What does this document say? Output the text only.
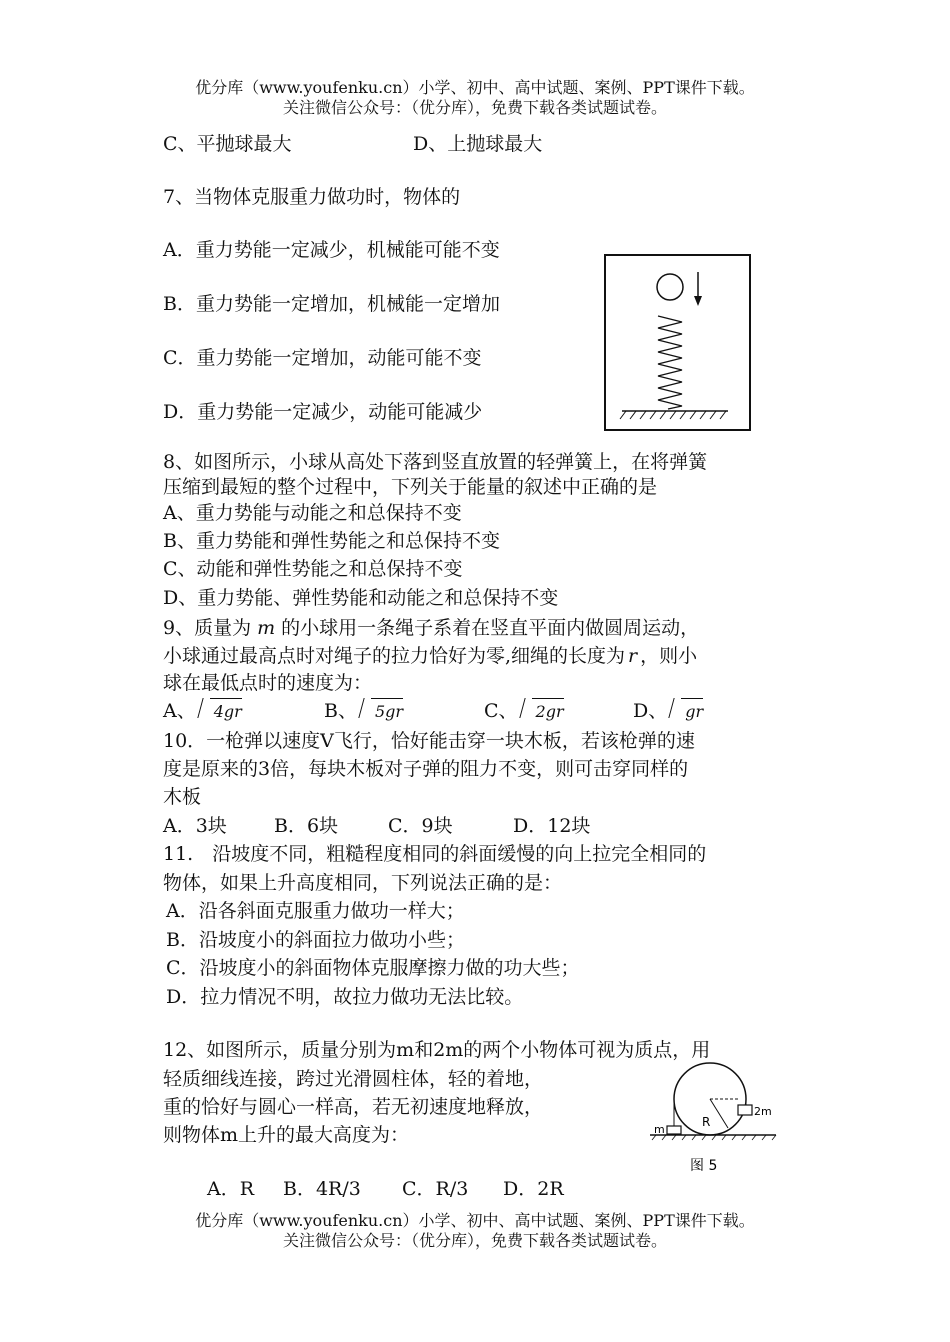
优分库（www.youfenku.cn）小学、初中、高中试题、案例、PPT课件下载。
关注微信公众号：（优分库），免费下载各类试题试卷。
C、平抛球最大	D、上抛球最大
7、当物体克服重力做功时，物体的
A．重力势能一定减少，机械能可能不变
B．重力势能一定增加，机械能一定增加
C．重力势能一定增加，动能可能不变
D．重力势能一定减少，动能可能减少
8、如图所示，小球从高处下落到竖直放置的轻弹簧上，在将弹簧
压缩到最短的整个过程中，下列关于能量的叙述中正确的是
A、重力势能与动能之和总保持不变
B、重力势能和弹性势能之和总保持不变
C、动能和弹性势能之和总保持不变
D、重力势能、弹性势能和动能之和总保持不变
9、质量为 m 的小球用一条绳子系着在竖直平面内做圆周运动，
小球通过最高点时对绳子的拉力恰好为零,细绳的长度为 r ，则小
球在最低点时的速度为：
A、 4gr	B、 5gr	C、 2gr	D、 gr
10．一枪弹以速度V飞行，恰好能击穿一块木板，若该枪弹的速
度是原来的3倍，每块木板对子弹的阻力不变，则可击穿同样的
木板
A．3块 B．6块	C．9块	D．12块
11.　沿坡度不同，粗糙程度相同的斜面缓慢的向上拉完全相同的
物体，如果上升高度相同，下列说法正确的是：
A．沿各斜面克服重力做功一样大；
B．沿坡度小的斜面拉力做功小些；
C．沿坡度小的斜面物体克服摩擦力做的功大些；
D．拉力情况不明，故拉力做功无法比较。
12、如图所示，质量分别为m和2m的两个小物体可视为质点，用
轻质细线连接，跨过光滑圆柱体，轻的着地，
重的恰好与圆心一样高，若无初速度地释放，
则物体m上升的最大高度为：
R
2m
m
图 5
A．R B．4R/3 C．R/3 D．2R
优分库（www.youfenku.cn）小学、初中、高中试题、案例、PPT课件下载。
关注微信公众号：（优分库），免费下载各类试题试卷。
